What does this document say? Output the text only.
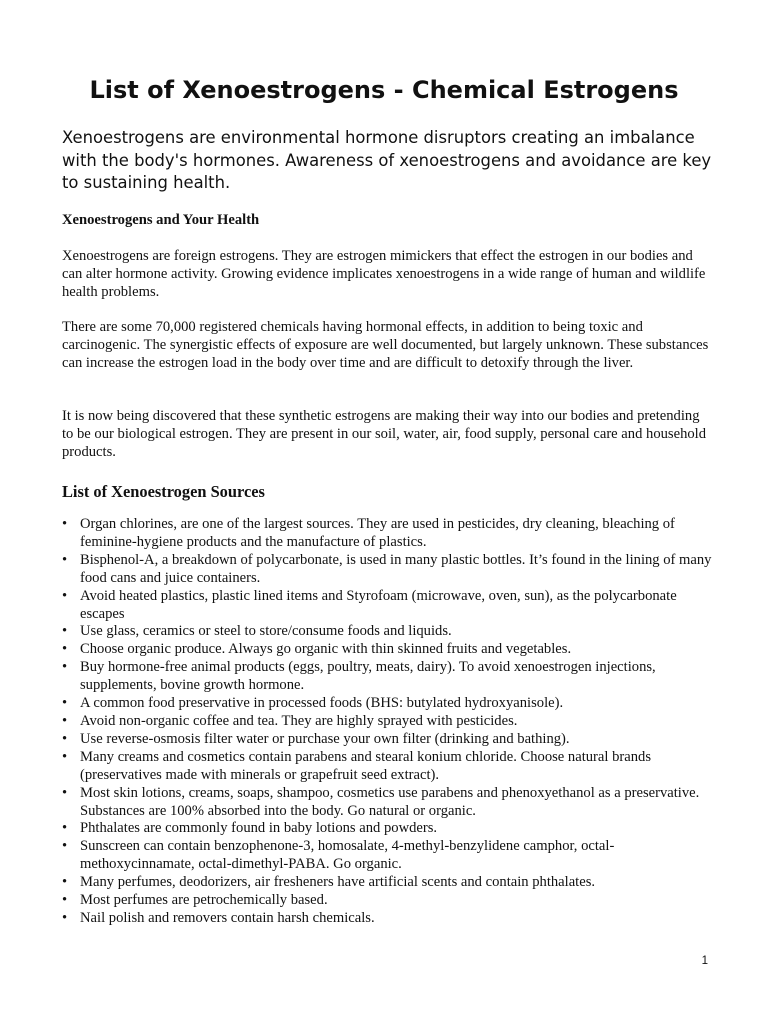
List of Xenoestrogens - Chemical Estrogens

Xenoestrogens are environmental hormone disruptors creating an imbalance with the body's hormones. Awareness of xenoestrogens and avoidance are key to sustaining health.

Xenoestrogens and Your Health

Xenoestrogens are foreign estrogens. They are estrogen mimickers that effect the estrogen in our bodies and can alter hormone activity. Growing evidence implicates xenoestrogens in a wide range of human and wildlife health problems.

There are some 70,000 registered chemicals having hormonal effects, in addition to being toxic and carcinogenic. The synergistic effects of exposure are well documented, but largely unknown. These substances can increase the estrogen load in the body over time and are difficult to detoxify through the liver.

It is now being discovered that these synthetic estrogens are making their way into our bodies and pretending to be our biological estrogen. They are present in our soil, water, air, food supply, personal care and household products.

List of Xenoestrogen Sources
• Organ chlorines, are one of the largest sources. They are used in pesticides, dry cleaning, bleaching of feminine-hygiene products and the manufacture of plastics.
• Bisphenol-A, a breakdown of polycarbonate, is used in many plastic bottles. It’s found in the lining of many food cans and juice containers.
• Avoid heated plastics, plastic lined items and Styrofoam (microwave, oven, sun), as the polycarbonate escapes
• Use glass, ceramics or steel to store/consume foods and liquids.
• Choose organic produce. Always go organic with thin skinned fruits and vegetables.
• Buy hormone-free animal products (eggs, poultry, meats, dairy). To avoid xenoestrogen injections, supplements, bovine growth hormone.
• A common food preservative in processed foods (BHS: butylated hydroxyanisole).
• Avoid non-organic coffee and tea. They are highly sprayed with pesticides.
• Use reverse-osmosis filter water or purchase your own filter (drinking and bathing).
• Many creams and cosmetics contain parabens and stearal konium chloride. Choose natural brands (preservatives made with minerals or grapefruit seed extract).
• Most skin lotions, creams, soaps, shampoo, cosmetics use parabens and phenoxyethanol as a preservative. Substances are 100% absorbed into the body. Go natural or organic.
• Phthalates are commonly found in baby lotions and powders.
• Sunscreen can contain benzophenone-3, homosalate, 4-methyl-benzylidene camphor, octal-methoxycinnamate, octal-dimethyl-PABA. Go organic.
• Many perfumes, deodorizers, air fresheners have artificial scents and contain phthalates.
• Most perfumes are petrochemically based.
• Nail polish and removers contain harsh chemicals.
1
